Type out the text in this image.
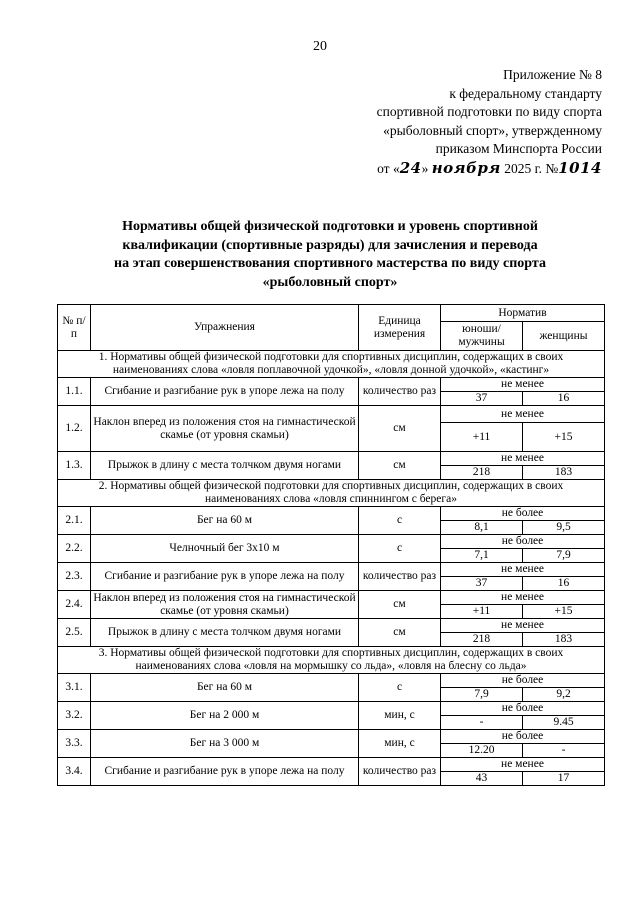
20
Приложение № 8
к федеральному стандарту
спортивной подготовки по виду спорта
«рыболовный спорт», утвержденному
приказом Минспорта России
от «24» ноября 2025 г. №1014
Нормативы общей физической подготовки и уровень спортивной
квалификации (спортивные разряды) для зачисления и перевода
на этап совершенствования спортивного мастерства по виду спорта
«рыболовный спорт»
№ п/п	Упражнения	Единица измерения	Норматив	
			юноши/ мужчины	женщины
1. Нормативы общей физической подготовки для спортивных дисциплин, содержащих в своих наименованиях слова «ловля поплавочной удочкой», «ловля донной удочкой», «кастинг»				
1.1.	Сгибание и разгибание рук в упоре лежа на полу	количество раз	не менее	
			37	16
1.2.	Наклон вперед из положения стоя на гимнастической скамье (от уровня скамьи)	см	не менее	
			+11	+15
1.3.	Прыжок в длину с места толчком двумя ногами	см	не менее	
			218	183
2. Нормативы общей физической подготовки для спортивных дисциплин, содержащих в своих наименованиях слова «ловля спиннингом с берега»				
2.1.	Бег на 60 м	с	не более	
			8,1	9,5
2.2.	Челночный бег 3х10 м	с	не более	
			7,1	7,9
2.3.	Сгибание и разгибание рук в упоре лежа на полу	количество раз	не менее	
			37	16
2.4.	Наклон вперед из положения стоя на гимнастической скамье (от уровня скамьи)	см	не менее	
			+11	+15
2.5.	Прыжок в длину с места толчком двумя ногами	см	не менее	
			218	183
3. Нормативы общей физической подготовки для спортивных дисциплин, содержащих в своих наименованиях слова «ловля на мормышку со льда», «ловля на блесну со льда»				
3.1.	Бег на 60 м	с	не более	
			7,9	9,2
3.2.	Бег на 2 000 м	мин, с	не более	
			-	9.45
3.3.	Бег на 3 000 м	мин, с	не более	
			12.20	-
3.4.	Сгибание и разгибание рук в упоре лежа на полу	количество раз	не менее	
			43	17
